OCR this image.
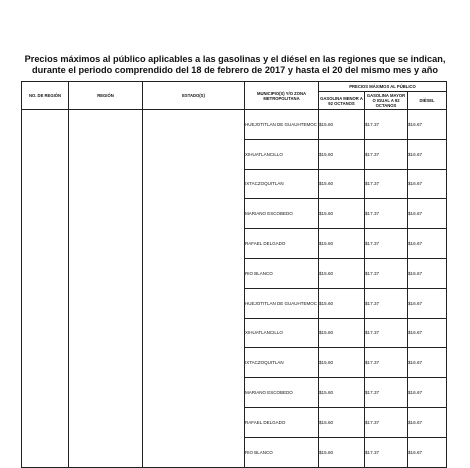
Precios máximos al público aplicables a las gasolinas y el diésel en las regiones que se indican,
durante el periodo comprendido del 18 de febrero de 2017 y hasta el 20 del mismo mes y año
NO. DE REGIÓN	REGIÓN	ESTADO(S)	MUNICIPIO(S) Y/O ZONA METROPOLITANA	PRECIOS MÁXIMOS AL PÚBLICO		
				GASOLINA MENOR A 92 OCTANOS	GASOLINA MAYOR O IGUAL A 92 OCTANOS	DIÉSEL
			HUEJOTITLAN DE GUAUHTEMOC	$15.60	$17.37	$16.67
			XIHUATLANCILLO	$15.60	$17.37	$16.67
			IXTACZOQUITLAN	$15.60	$17.37	$16.67
			MARIANO ESCOBEDO	$15.60	$17.37	$16.67
			RAFAEL DELGADO	$15.60	$17.37	$16.67
			RIO BLANCO	$15.60	$17.37	$16.67
			HUEJOTITLAN DE GUAUHTEMOC	$15.60	$17.37	$16.67
			XIHUATLANCILLO	$15.60	$17.37	$16.67
			IXTACZOQUITLAN	$15.60	$17.37	$16.67
			MARIANO ESCOBEDO	$15.60	$17.37	$16.67
			RAFAEL DELGADO	$15.60	$17.37	$16.67
			RIO BLANCO	$15.60	$17.37	$16.67
